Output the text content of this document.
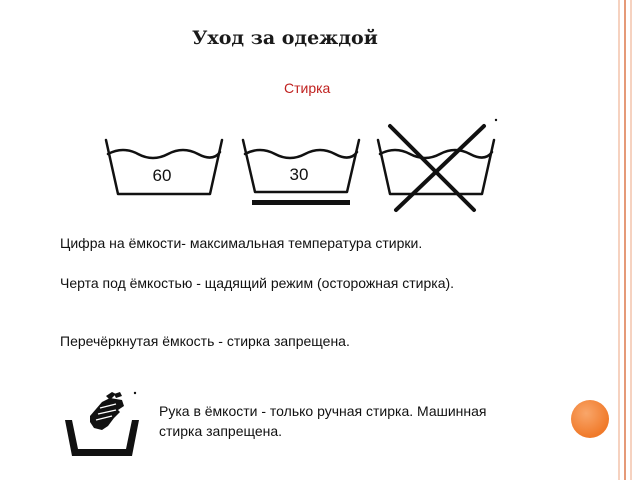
Уход за одеждой
Стирка
60	30
Цифра на ёмкости- максимальная температура стирки.
Черта под ёмкостью - щадящий режим (осторожная стирка).
Перечёркнутая ёмкость - стирка запрещена.
Рука в ёмкости - только ручная стирка. Машинная
стирка запрещена.
